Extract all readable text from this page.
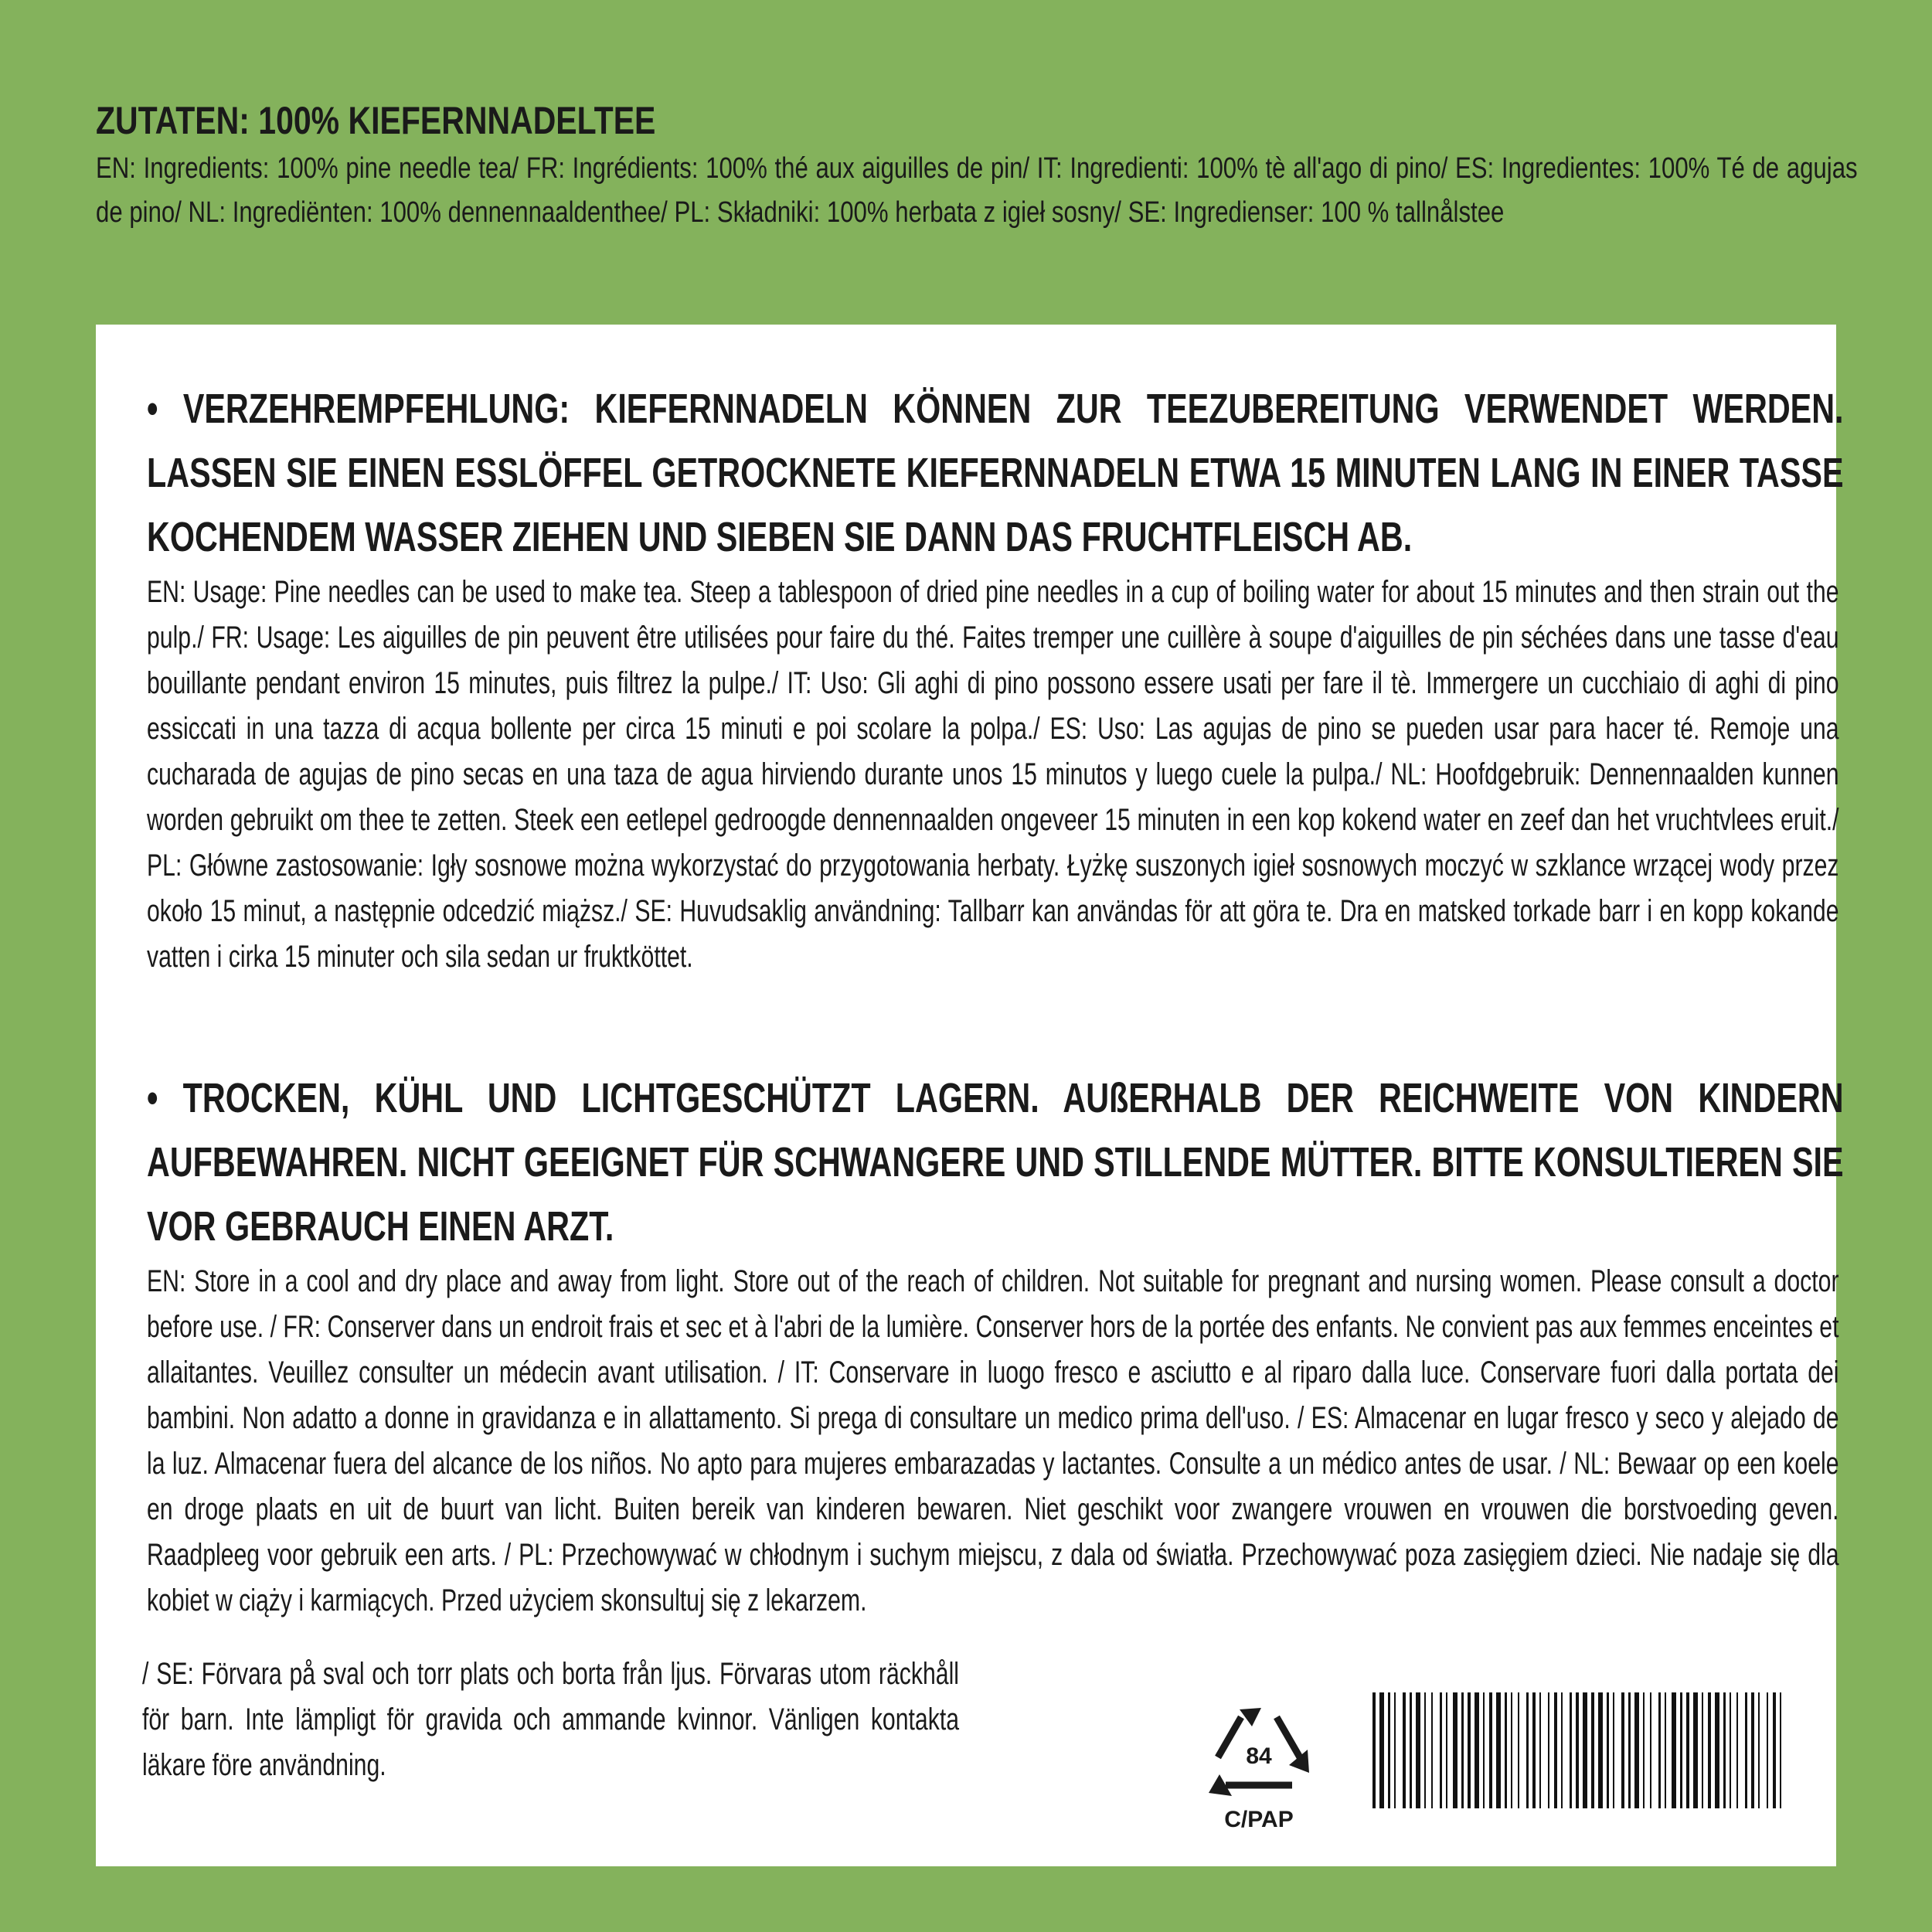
ZUTATEN: 100% KIEFERNNADELTEE
EN: Ingredients: 100% pine needle tea/ FR: Ingrédients: 100% thé aux aiguilles de pin/ IT: Ingredienti: 100% tè all'ago di pino/ ES: Ingredientes: 100% Té de agujas de pino/ NL: Ingrediënten: 100% dennennaaldenthee/ PL: Składniki: 100% herbata z igieł sosny/ SE: Ingredienser: 100 % tallnålstee
• VERZEHREMPFEHLUNG: KIEFERNNADELN KÖNNEN ZUR TEEZUBEREITUNG VERWENDET WERDEN. LASSEN SIE EINEN ESSLÖFFEL GETROCKNETE KIEFERNNADELN ETWA 15 MINUTEN LANG IN EINER TASSE KOCHENDEM WASSER ZIEHEN UND SIEBEN SIE DANN DAS FRUCHTFLEISCH AB.
EN: Usage: Pine needles can be used to make tea. Steep a tablespoon of dried pine needles in a cup of boiling water for about 15 minutes and then strain out the pulp./ FR: Usage: Les aiguilles de pin peuvent être utilisées pour faire du thé. Faites tremper une cuillère à soupe d'aiguilles de pin séchées dans une tasse d'eau bouillante pendant environ 15 minutes, puis filtrez la pulpe./ IT: Uso: Gli aghi di pino possono essere usati per fare il tè. Immergere un cucchiaio di aghi di pino essiccati in una tazza di acqua bollente per circa 15 minuti e poi scolare la polpa./ ES: Uso: Las agujas de pino se pueden usar para hacer té. Remoje una cucharada de agujas de pino secas en una taza de agua hirviendo durante unos 15 minutos y luego cuele la pulpa./ NL: Hoofdgebruik: Dennennaalden kunnen worden gebruikt om thee te zetten. Steek een eetlepel gedroogde dennennaalden ongeveer 15 minuten in een kop kokend water en zeef dan het vruchtvlees eruit./ PL: Główne zastosowanie: Igły sosnowe można wykorzystać do przygotowania herbaty. Łyżkę suszonych igieł sosnowych moczyć w szklance wrzącej wody przez około 15 minut, a następnie odcedzić miąższ./ SE: Huvudsaklig användning: Tallbarr kan användas för att göra te. Dra en matsked torkade barr i en kopp kokande vatten i cirka 15 minuter och sila sedan ur fruktköttet.
• TROCKEN, KÜHL UND LICHTGESCHÜTZT LAGERN. AUßERHALB DER REICHWEITE VON KINDERN AUFBEWAHREN. NICHT GEEIGNET FÜR SCHWANGERE UND STILLENDE MÜTTER. BITTE KONSULTIEREN SIE VOR GEBRAUCH EINEN ARZT.
EN: Store in a cool and dry place and away from light. Store out of the reach of children. Not suitable for pregnant and nursing women. Please consult a doctor before use. / FR: Conserver dans un endroit frais et sec et à l'abri de la lumière. Conserver hors de la portée des enfants. Ne convient pas aux femmes enceintes et allaitantes. Veuillez consulter un médecin avant utilisation. / IT: Conservare in luogo fresco e asciutto e al riparo dalla luce. Conservare fuori dalla portata dei bambini. Non adatto a donne in gravidanza e in allattamento. Si prega di consultare un medico prima dell'uso. / ES: Almacenar en lugar fresco y seco y alejado de la luz. Almacenar fuera del alcance de los niños. No apto para mujeres embarazadas y lactantes. Consulte a un médico antes de usar. / NL: Bewaar op een koele en droge plaats en uit de buurt van licht. Buiten bereik van kinderen bewaren. Niet geschikt voor zwangere vrouwen en vrouwen die borstvoeding geven. Raadpleeg voor gebruik een arts. / PL: Przechowywać w chłodnym i suchym miejscu, z dala od światła. Przechowywać poza zasięgiem dzieci. Nie nadaje się dla kobiet w ciąży i karmiących. Przed użyciem skonsultuj się z lekarzem.
/ SE: Förvara på sval och torr plats och borta från ljus. Förvaras utom räckhåll för barn. Inte lämpligt för gravida och ammande kvinnor. Vänligen kontakta läkare före användning.	84
C/PAP
